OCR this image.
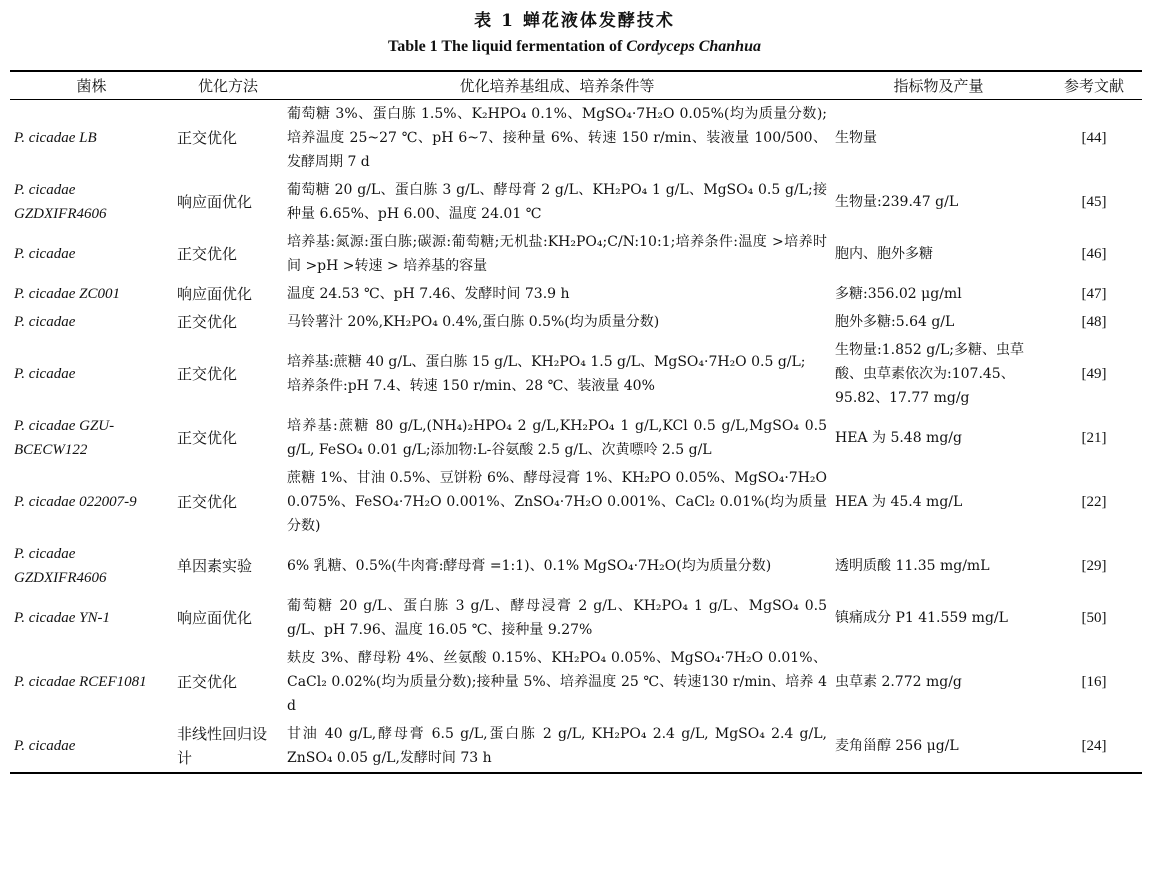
表 1 蝉花液体发酵技术
Table 1 The liquid fermentation of Cordyceps Chanhua
菌株	优化方法	优化培养基组成、培养条件等	指标物及产量	参考文献
P. cicadae LB	正交优化	葡萄糖 3%、蛋白胨 1.5%、K₂HPO₄ 0.1%、MgSO₄·7H₂O 0.05%(均为质量分数);培养温度 25~27 ℃、pH 6~7、接种量 6%、转速 150 r/min、装液量 100/500、发酵周期 7 d	生物量	[44]
P. cicadae GZDXIFR4606	响应面优化	葡萄糖 20 g/L、蛋白胨 3 g/L、酵母膏 2 g/L、KH₂PO₄ 1 g/L、MgSO₄ 0.5 g/L;接种量 6.65%、pH 6.00、温度 24.01 ℃	生物量:239.47 g/L	[45]
P. cicadae	正交优化	培养基:氮源:蛋白胨;碳源:葡萄糖;无机盐:KH₂PO₄;C/N:10:1;培养条件:温度 >培养时间 >pH >转速 > 培养基的容量	胞内、胞外多糖	[46]
P. cicadae ZC001	响应面优化	温度 24.53 ℃、pH 7.46、发酵时间 73.9 h	多糖:356.02 μg/ml	[47]
P. cicadae	正交优化	马铃薯汁 20%,KH₂PO₄ 0.4%,蛋白胨 0.5%(均为质量分数)	胞外多糖:5.64 g/L	[48]
P. cicadae	正交优化	培养基:蔗糖 40 g/L、蛋白胨 15 g/L、KH₂PO₄ 1.5 g/L、MgSO₄·7H₂O 0.5 g/L;
培养条件:pH 7.4、转速 150 r/min、28 ℃、装液量 40%	生物量:1.852 g/L;多糖、虫草酸、虫草素依次为:107.45、95.82、17.77 mg/g	[49]
P. cicadae GZU-BCECW122	正交优化	培养基:蔗糖 80 g/L,(NH₄)₂HPO₄ 2 g/L,KH₂PO₄ 1 g/L,KCl 0.5 g/L,MgSO₄ 0.5 g/L, FeSO₄ 0.01 g/L;添加物:L-谷氨酸 2.5 g/L、次黄嘌呤 2.5 g/L	HEA 为 5.48 mg/g	[21]
P. cicadae 022007-9	正交优化	蔗糖 1%、甘油 0.5%、豆饼粉 6%、酵母浸膏 1%、KH₂PO 0.05%、MgSO₄·7H₂O 0.075%、FeSO₄·7H₂O 0.001%、ZnSO₄·7H₂O 0.001%、CaCl₂ 0.01%(均为质量分数)	HEA 为 45.4 mg/L	[22]
P. cicadae GZDXIFR4606	单因素实验	6% 乳糖、0.5%(牛肉膏:酵母膏 =1:1)、0.1% MgSO₄·7H₂O(均为质量分数)	透明质酸 11.35 mg/mL	[29]
P. cicadae YN-1	响应面优化	葡萄糖 20 g/L、蛋白胨 3 g/L、酵母浸膏 2 g/L、KH₂PO₄ 1 g/L、MgSO₄ 0.5 g/L、pH 7.96、温度 16.05 ℃、接种量 9.27%	镇痛成分 P1 41.559 mg/L	[50]
P. cicadae RCEF1081	正交优化	麸皮 3%、酵母粉 4%、丝氨酸 0.15%、KH₂PO₄ 0.05%、MgSO₄·7H₂O 0.01%、CaCl₂ 0.02%(均为质量分数);接种量 5%、培养温度 25 ℃、转速130 r/min、培养 4 d	虫草素 2.772 mg/g	[16]
P. cicadae	非线性回归设计	甘油 40 g/L,酵母膏 6.5 g/L,蛋白胨 2 g/L, KH₂PO₄ 2.4 g/L, MgSO₄ 2.4 g/L, ZnSO₄ 0.05 g/L,发酵时间 73 h	麦角甾醇 256 μg/L	[24]
